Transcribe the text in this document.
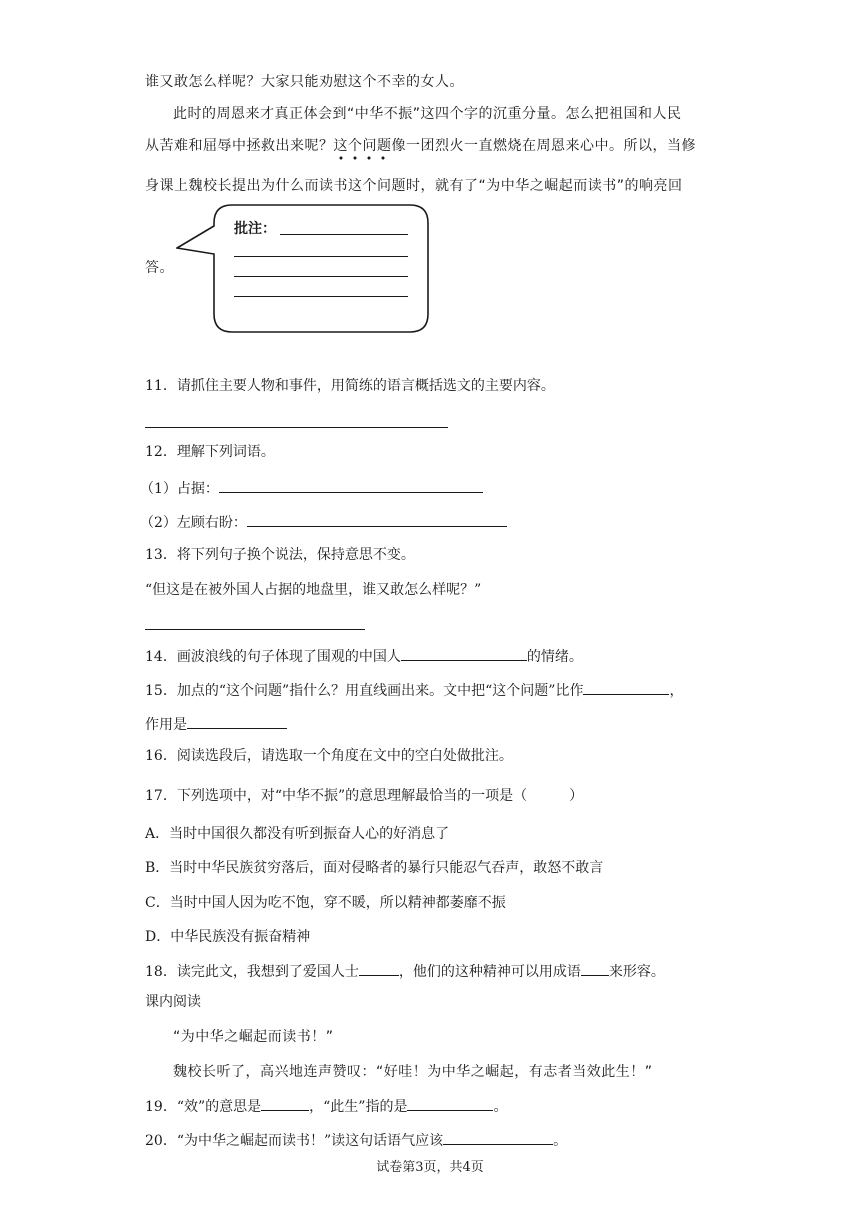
谁又敢怎么样呢？大家只能劝慰这个不幸的女人。
此时的周恩来才真正体会到“中华不振”这四个字的沉重分量。怎么把祖国和人民
从苦难和屈辱中拯救出来呢？这个问题像一团烈火一直燃烧在周恩来心中。所以，当修
身课上魏校长提出为什么而读书这个问题时，就有了“为中华之崛起而读书”的响亮回
答。
批注：
11．请抓住主要人物和事件，用简练的语言概括选文的主要内容。
12．理解下列词语。
（1）占据：
（2）左顾右盼：
13．将下列句子换个说法，保持意思不变。
“但这是在被外国人占据的地盘里，谁又敢怎么样呢？”
14．画波浪线的句子体现了围观的中国人	的情绪。
15．加点的“这个问题”指什么？用直线画出来。文中把“这个问题”比作	，
作用是
16．阅读选段后，请选取一个角度在文中的空白处做批注。
17．下列选项中，对“中华不振”的意思理解最恰当的一项是（　　　）
A．当时中国很久都没有听到振奋人心的好消息了
B．当时中华民族贫穷落后，面对侵略者的暴行只能忍气吞声，敢怒不敢言
C．当时中国人因为吃不饱，穿不暖，所以精神都萎靡不振
D．中华民族没有振奋精神
18．读完此文，我想到了爱国人士	，他们的这种精神可以用成语 来形容。
课内阅读
“为中华之崛起而读书！”
魏校长听了，高兴地连声赞叹：“好哇！为中华之崛起，有志者当效此生！”
19．“效”的意思是	，“此生”指的是	。
20．“为中华之崛起而读书！”读这句话语气应该	。
试卷第3页，共4页
